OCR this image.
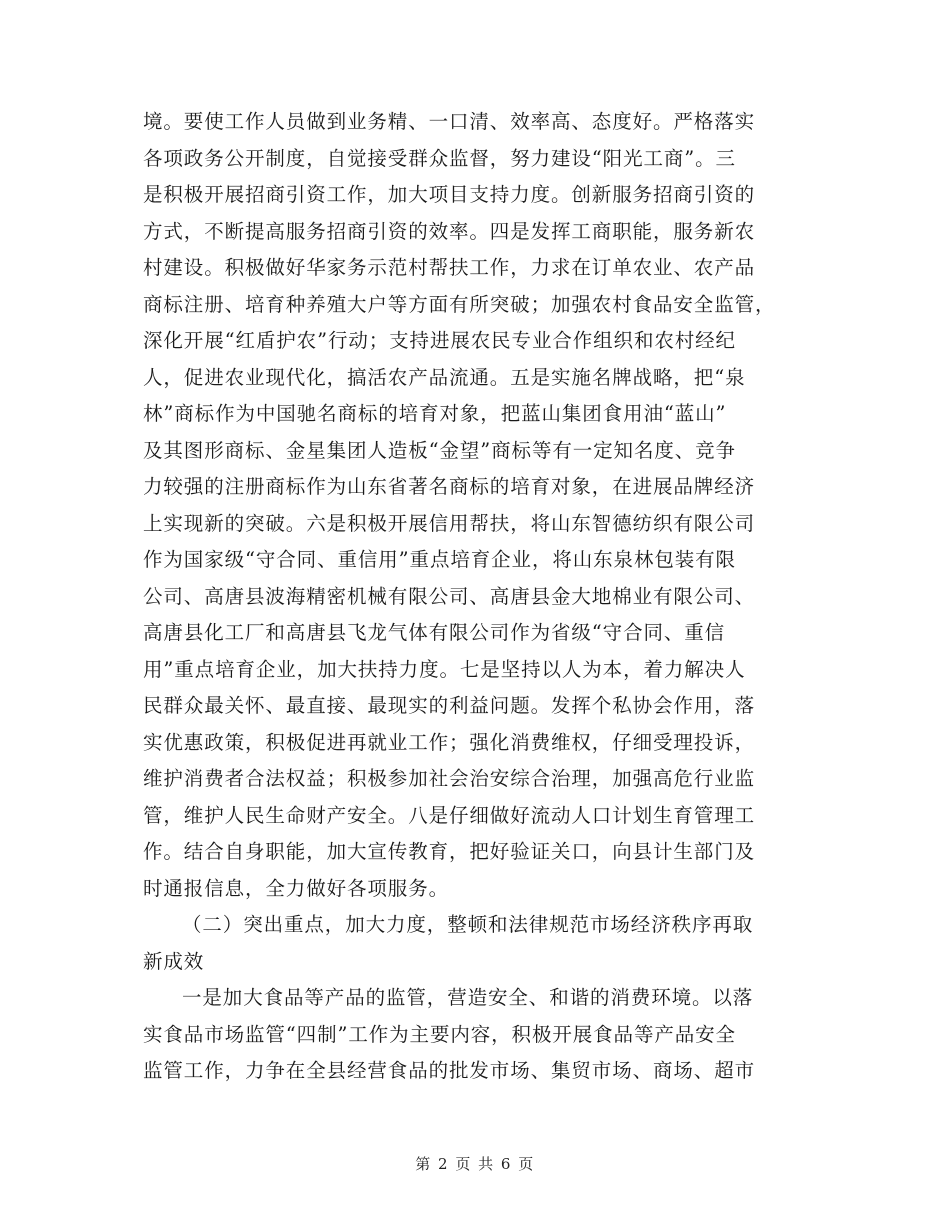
境。要使工作人员做到业务精、一口清、效率高、态度好。严格落实
各项政务公开制度，自觉接受群众监督，努力建设“阳光工商”。三
是积极开展招商引资工作，加大项目支持力度。创新服务招商引资的
方式，不断提高服务招商引资的效率。四是发挥工商职能，服务新农
村建设。积极做好华家务示范村帮扶工作，力求在订单农业、农产品
商标注册、培育种养殖大户等方面有所突破；加强农村食品安全监管，
深化开展“红盾护农”行动；支持进展农民专业合作组织和农村经纪
人，促进农业现代化，搞活农产品流通。五是实施名牌战略，把“泉
林”商标作为中国驰名商标的培育对象，把蓝山集团食用油“蓝山”
及其图形商标、金星集团人造板“金望”商标等有一定知名度、竞争
力较强的注册商标作为山东省著名商标的培育对象，在进展品牌经济
上实现新的突破。六是积极开展信用帮扶，将山东智德纺织有限公司
作为国家级“守合同、重信用”重点培育企业，将山东泉林包装有限
公司、高唐县波海精密机械有限公司、高唐县金大地棉业有限公司、
高唐县化工厂和高唐县飞龙气体有限公司作为省级“守合同、重信
用”重点培育企业，加大扶持力度。七是坚持以人为本，着力解决人
民群众最关怀、最直接、最现实的利益问题。发挥个私协会作用，落
实优惠政策，积极促进再就业工作；强化消费维权，仔细受理投诉，
维护消费者合法权益；积极参加社会治安综合治理，加强高危行业监
管，维护人民生命财产安全。八是仔细做好流动人口计划生育管理工
作。结合自身职能，加大宣传教育，把好验证关口，向县计生部门及
时通报信息，全力做好各项服务。
（二）突出重点，加大力度，整顿和法律规范市场经济秩序再取
新成效
一是加大食品等产品的监管，营造安全、和谐的消费环境。以落
实食品市场监管“四制”工作为主要内容，积极开展食品等产品安全
监管工作，力争在全县经营食品的批发市场、集贸市场、商场、超市
第 2 页 共 6 页
